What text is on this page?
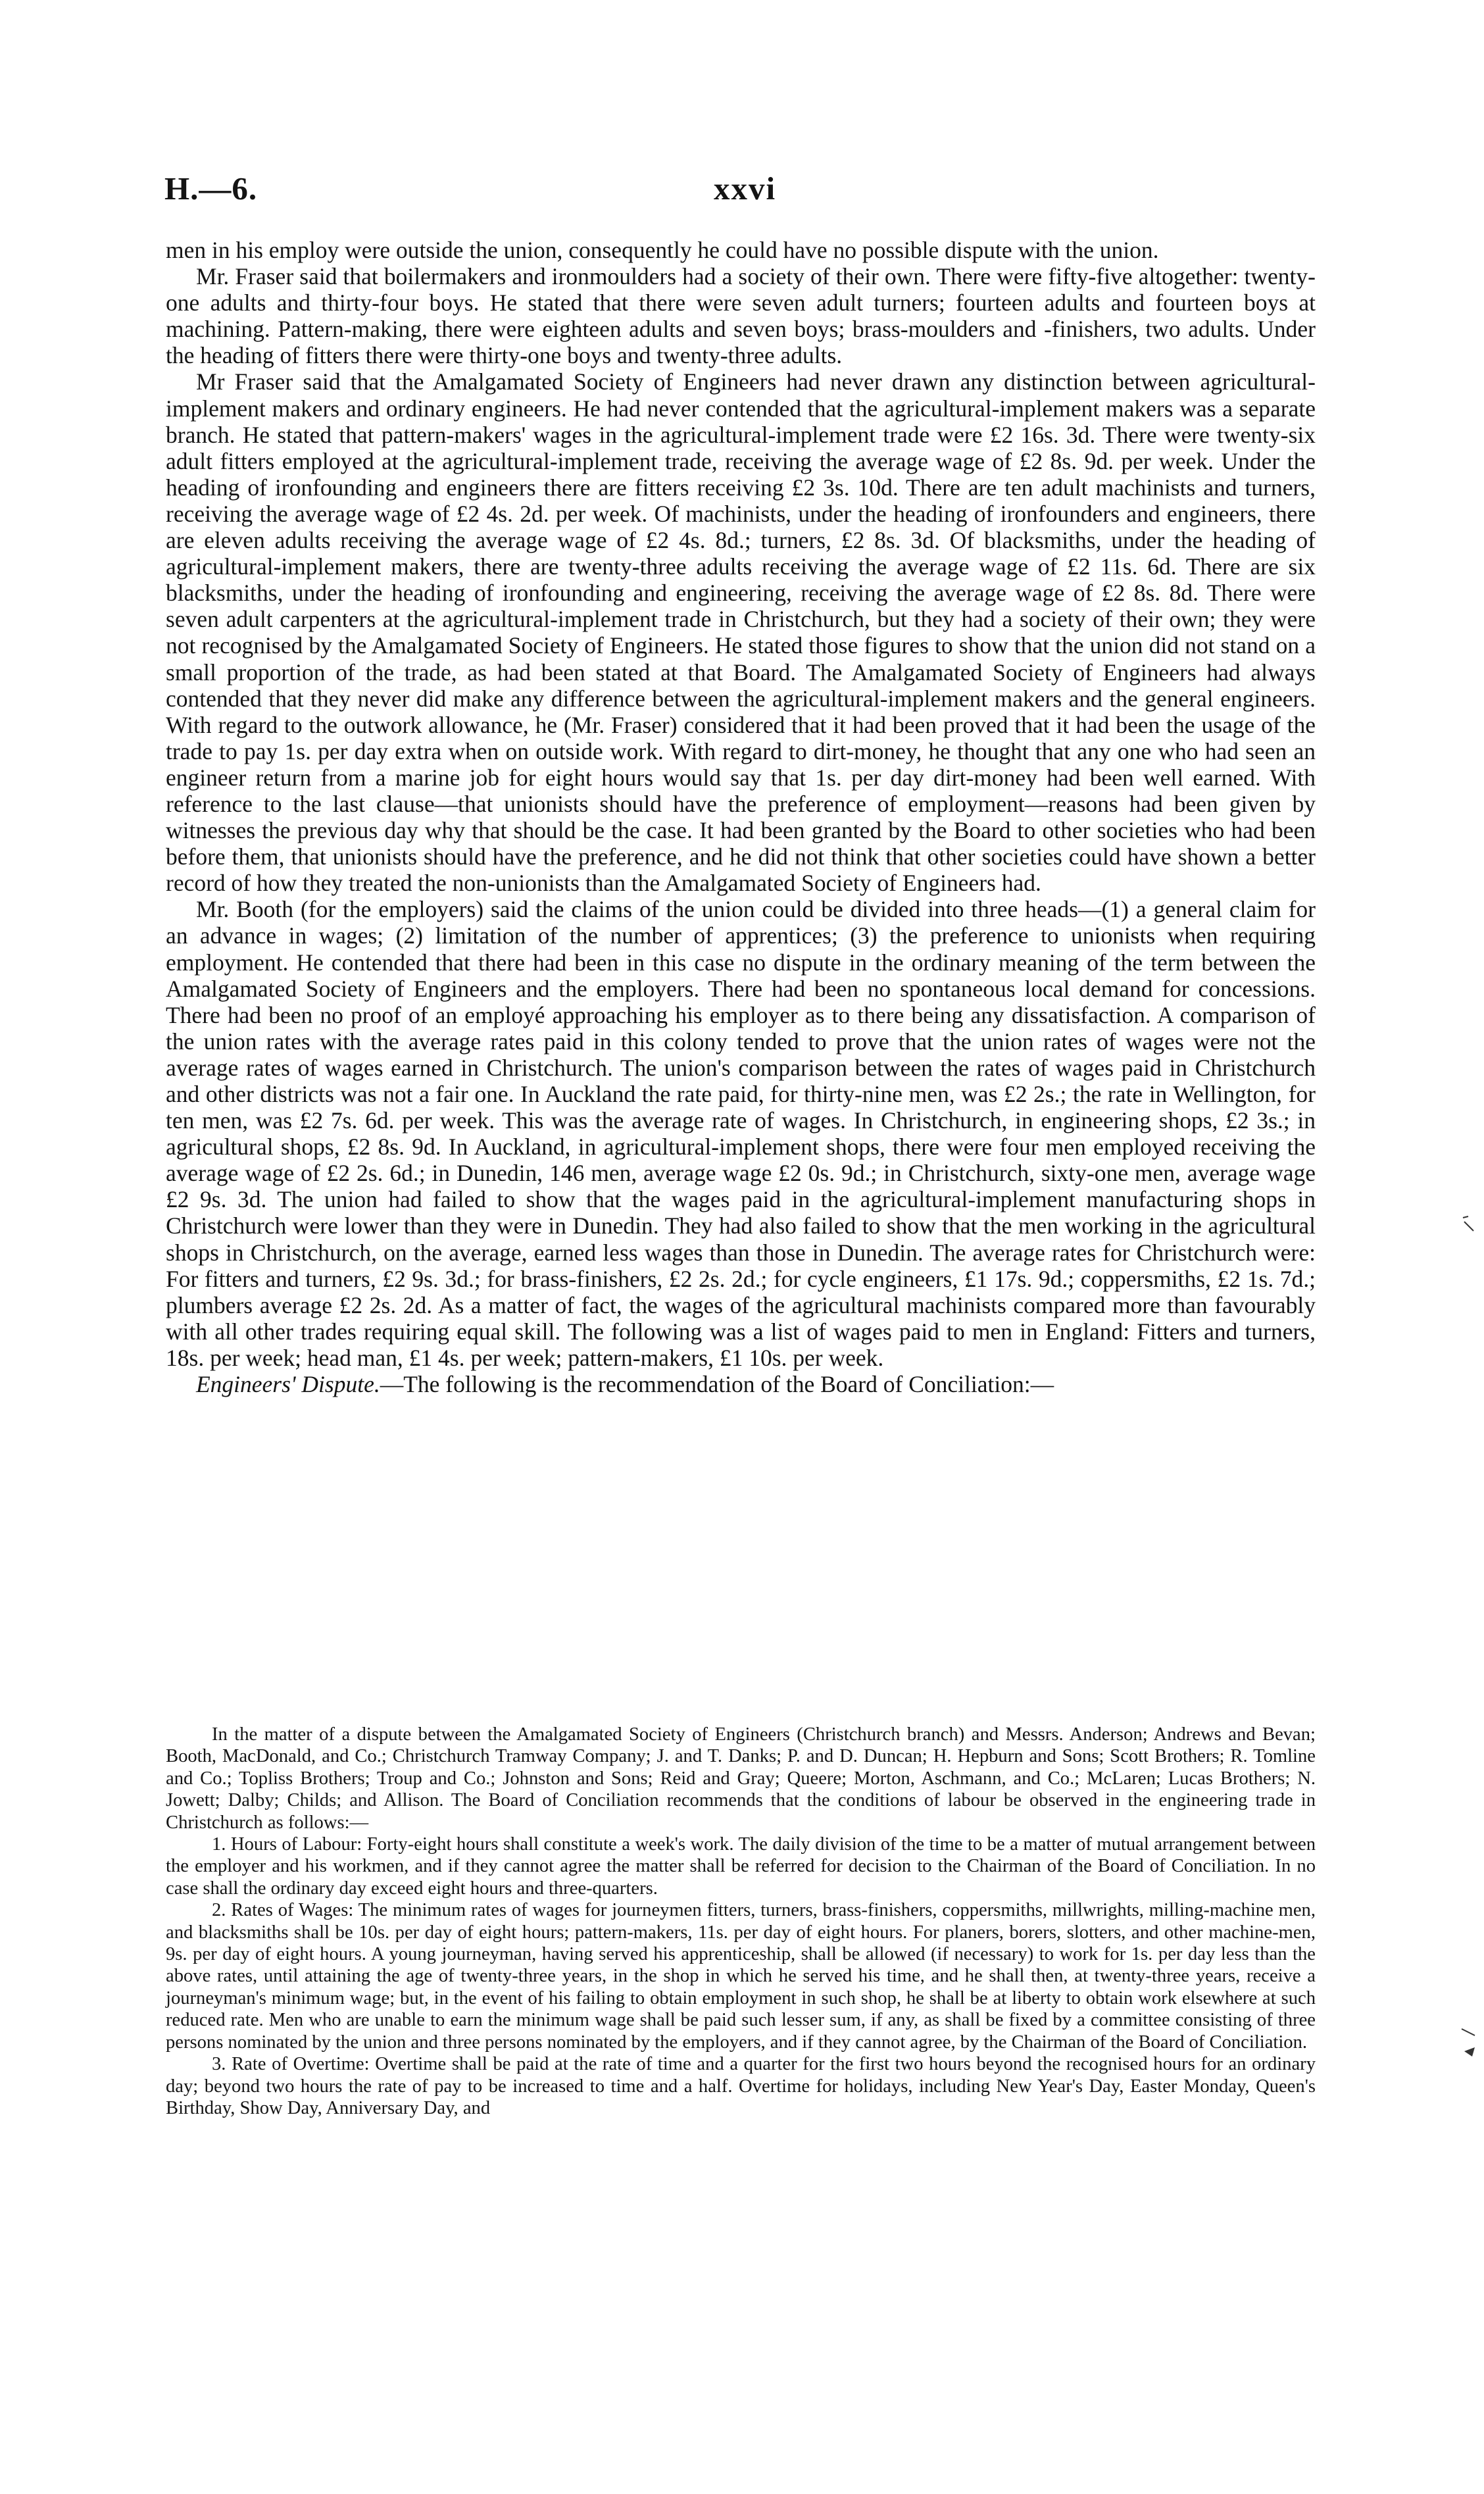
H.—6.	xxvi

men in his employ were outside the union, consequently he could have no possible dispute with the union.

Mr. Fraser said that boilermakers and ironmoulders had a society of their own. There were fifty-five altogether: twenty-one adults and thirty-four boys. He stated that there were seven adult turners; fourteen adults and fourteen boys at machining. Pattern-making, there were eighteen adults and seven boys; brass-moulders and -finishers, two adults. Under the heading of fitters there were thirty-one boys and twenty-three adults.

Mr Fraser said that the Amalgamated Society of Engineers had never drawn any distinction between agricultural-implement makers and ordinary engineers. He had never contended that the agricultural-implement makers was a separate branch. He stated that pattern-makers' wages in the agricultural-implement trade were £2 16s. 3d. There were twenty-six adult fitters employed at the agricultural-implement trade, receiving the average wage of £2 8s. 9d. per week. Under the heading of ironfounding and engineers there are fitters receiving £2 3s. 10d. There are ten adult machinists and turners, receiving the average wage of £2 4s. 2d. per week. Of machinists, under the heading of ironfounders and engineers, there are eleven adults receiving the average wage of £2 4s. 8d.; turners, £2 8s. 3d. Of blacksmiths, under the heading of agricultural-implement makers, there are twenty-three adults receiving the average wage of £2 11s. 6d. There are six blacksmiths, under the heading of ironfounding and engineering, receiving the average wage of £2 8s. 8d. There were seven adult carpenters at the agricultural-implement trade in Christchurch, but they had a society of their own; they were not recognised by the Amalgamated Society of Engineers. He stated those figures to show that the union did not stand on a small proportion of the trade, as had been stated at that Board. The Amalgamated Society of Engineers had always contended that they never did make any difference between the agricultural-implement makers and the general engineers. With regard to the outwork allowance, he (Mr. Fraser) considered that it had been proved that it had been the usage of the trade to pay 1s. per day extra when on outside work. With regard to dirt-money, he thought that any one who had seen an engineer return from a marine job for eight hours would say that 1s. per day dirt-money had been well earned. With reference to the last clause—that unionists should have the preference of employment—reasons had been given by witnesses the previous day why that should be the case. It had been granted by the Board to other societies who had been before them, that unionists should have the preference, and he did not think that other societies could have shown a better record of how they treated the non-unionists than the Amalgamated Society of Engineers had.

Mr. Booth (for the employers) said the claims of the union could be divided into three heads—(1) a general claim for an advance in wages; (2) limitation of the number of apprentices; (3) the preference to unionists when requiring employment. He contended that there had been in this case no dispute in the ordinary meaning of the term between the Amalgamated Society of Engineers and the employers. There had been no spontaneous local demand for concessions. There had been no proof of an employé approaching his employer as to there being any dissatisfaction. A comparison of the union rates with the average rates paid in this colony tended to prove that the union rates of wages were not the average rates of wages earned in Christchurch. The union's comparison between the rates of wages paid in Christchurch and other districts was not a fair one. In Auckland the rate paid, for thirty-nine men, was £2 2s.; the rate in Wellington, for ten men, was £2 7s. 6d. per week. This was the average rate of wages. In Christchurch, in engineering shops, £2 3s.; in agricultural shops, £2 8s. 9d. In Auckland, in agricultural-implement shops, there were four men employed receiving the average wage of £2 2s. 6d.; in Dunedin, 146 men, average wage £2 0s. 9d.; in Christchurch, sixty-one men, average wage £2 9s. 3d. The union had failed to show that the wages paid in the agricultural-implement manufacturing shops in Christchurch were lower than they were in Dunedin. They had also failed to show that the men working in the agricultural shops in Christchurch, on the average, earned less wages than those in Dunedin. The average rates for Christchurch were: For fitters and turners, £2 9s. 3d.; for brass-finishers, £2 2s. 2d.; for cycle engineers, £1 17s. 9d.; coppersmiths, £2 1s. 7d.; plumbers average £2 2s. 2d. As a matter of fact, the wages of the agricultural machinists compared more than favourably with all other trades requiring equal skill. The following was a list of wages paid to men in England: Fitters and turners, 18s. per week; head man, £1 4s. per week; pattern-makers, £1 10s. per week.

Engineers' Dispute.—The following is the recommendation of the Board of Conciliation:—

In the matter of a dispute between the Amalgamated Society of Engineers (Christchurch branch) and Messrs. Anderson; Andrews and Bevan; Booth, MacDonald, and Co.; Christchurch Tramway Company; J. and T. Danks; P. and D. Duncan; H. Hepburn and Sons; Scott Brothers; R. Tomline and Co.; Topliss Brothers; Troup and Co.; Johnston and Sons; Reid and Gray; Queere; Morton, Aschmann, and Co.; McLaren; Lucas Brothers; N. Jowett; Dalby; Childs; and Allison. The Board of Conciliation recommends that the conditions of labour be observed in the engineering trade in Christchurch as follows:—

1. Hours of Labour: Forty-eight hours shall constitute a week's work. The daily division of the time to be a matter of mutual arrangement between the employer and his workmen, and if they cannot agree the matter shall be referred for decision to the Chairman of the Board of Conciliation. In no case shall the ordinary day exceed eight hours and three-quarters.

2. Rates of Wages: The minimum rates of wages for journeymen fitters, turners, brass-finishers, coppersmiths, millwrights, milling-machine men, and blacksmiths shall be 10s. per day of eight hours; pattern-makers, 11s. per day of eight hours. For planers, borers, slotters, and other machine-men, 9s. per day of eight hours. A young journeyman, having served his apprenticeship, shall be allowed (if necessary) to work for 1s. per day less than the above rates, until attaining the age of twenty-three years, in the shop in which he served his time, and he shall then, at twenty-three years, receive a journeyman's minimum wage; but, in the event of his failing to obtain employment in such shop, he shall be at liberty to obtain work elsewhere at such reduced rate. Men who are unable to earn the minimum wage shall be paid such lesser sum, if any, as shall be fixed by a committee consisting of three persons nominated by the union and three persons nominated by the employers, and if they cannot agree, by the Chairman of the Board of Conciliation.

3. Rate of Overtime: Overtime shall be paid at the rate of time and a quarter for the first two hours beyond the recognised hours for an ordinary day; beyond two hours the rate of pay to be increased to time and a half. Overtime for holidays, including New Year's Day, Easter Monday, Queen's Birthday, Show Day, Anniversary Day, and
